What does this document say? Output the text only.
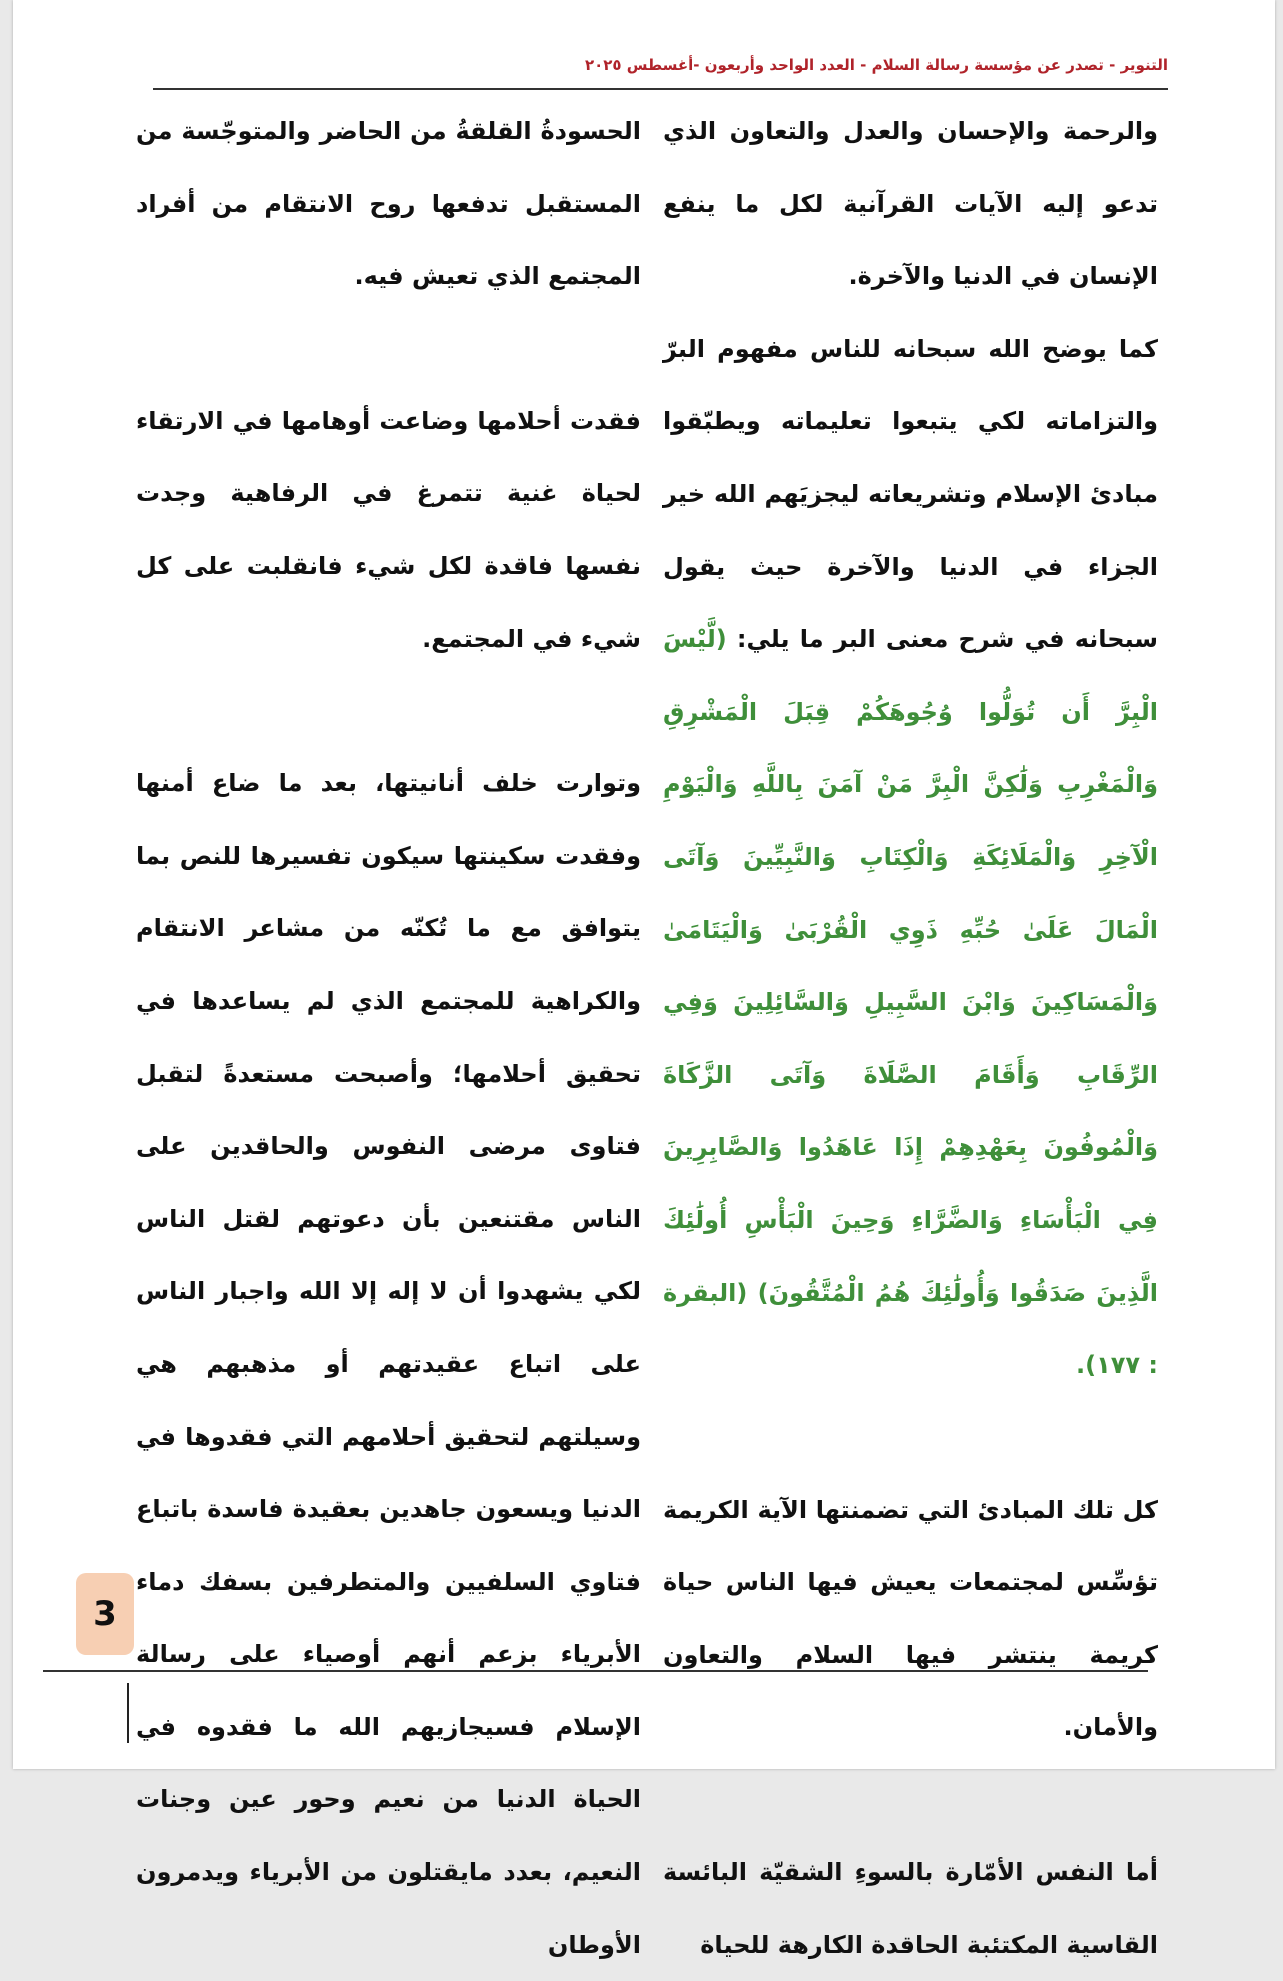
التنوير - تصدر عن مؤسسة رسالة السلام - العدد الواحد وأربعون -أغسطس ٢٠٢٥

والرحمة والإحسان والعدل والتعاون الذي تدعو إليه الآيات القرآنية لكل ما ينفع الإنسان في الدنيا والآخرة.

كما يوضح الله سبحانه للناس مفهوم البرّ والتزاماته لكي يتبعوا تعليماته ويطبّقوا مبادئ الإسلام وتشريعاته ليجزيَهم الله خير الجزاء في الدنيا والآخرة حيث يقول سبحانه في شرح معنى البر ما يلي: (لَّيْسَ الْبِرَّ أَن تُوَلُّوا وُجُوهَكُمْ قِبَلَ الْمَشْرِقِ وَالْمَغْرِبِ وَلَٰكِنَّ الْبِرَّ مَنْ آمَنَ بِاللَّهِ وَالْيَوْمِ الْآخِرِ وَالْمَلَائِكَةِ وَالْكِتَابِ وَالنَّبِيِّينَ وَآتَى الْمَالَ عَلَىٰ حُبِّهِ ذَوِي الْقُرْبَىٰ وَالْيَتَامَىٰ وَالْمَسَاكِينَ وَابْنَ السَّبِيلِ وَالسَّائِلِينَ وَفِي الرِّقَابِ وَأَقَامَ الصَّلَاةَ وَآتَى الزَّكَاةَ وَالْمُوفُونَ بِعَهْدِهِمْ إِذَا عَاهَدُوا وَالصَّابِرِينَ فِي الْبَأْسَاءِ وَالضَّرَّاءِ وَحِينَ الْبَأْسِ أُولَٰئِكَ الَّذِينَ صَدَقُوا وَأُولَٰئِكَ هُمُ الْمُتَّقُونَ) (البقرة : ١٧٧).

كل تلك المبادئ التي تضمنتها الآية الكريمة تؤسِّس لمجتمعات يعيش فيها الناس حياة كريمة ينتشر فيها السلام والتعاون والأمان.

أما النفس الأمّارة بالسوءِ الشقيّة البائسة القاسية المكتئبة الحاقدة الكارهة للحياة

الحسودةُ القلقةُ من الحاضر والمتوجّسة من المستقبل تدفعها روح الانتقام من أفراد المجتمع الذي تعيش فيه.

فقدت أحلامها وضاعت أوهامها في الارتقاء لحياة غنية تتمرغ في الرفاهية وجدت نفسها فاقدة لكل شيء فانقلبت على كل شيء في المجتمع.

وتوارت خلف أنانيتها، بعد ما ضاع أمنها وفقدت سكينتها سيكون تفسيرها للنص بما يتوافق مع ما تُكنّه من مشاعر الانتقام والكراهية للمجتمع الذي لم يساعدها في تحقيق أحلامها؛ وأصبحت مستعدةً لتقبل فتاوى مرضى النفوس والحاقدين على الناس مقتنعين بأن دعوتهم لقتل الناس لكي يشهدوا أن لا إله إلا الله واجبار الناس على اتباع عقيدتهم أو مذهبهم هي وسيلتهم لتحقيق أحلامهم التي فقدوها في الدنيا ويسعون جاهدين بعقيدة فاسدة باتباع فتاوي السلفيين والمتطرفين بسفك دماء الأبرياء بزعم أنهم أوصياء على رسالة الإسلام فسيجازيهم الله ما فقدوه في الحياة الدنيا من نعيم وحور عين وجنات النعيم، بعدد مايقتلون من الأبرياء ويدمرون الأوطان

3
